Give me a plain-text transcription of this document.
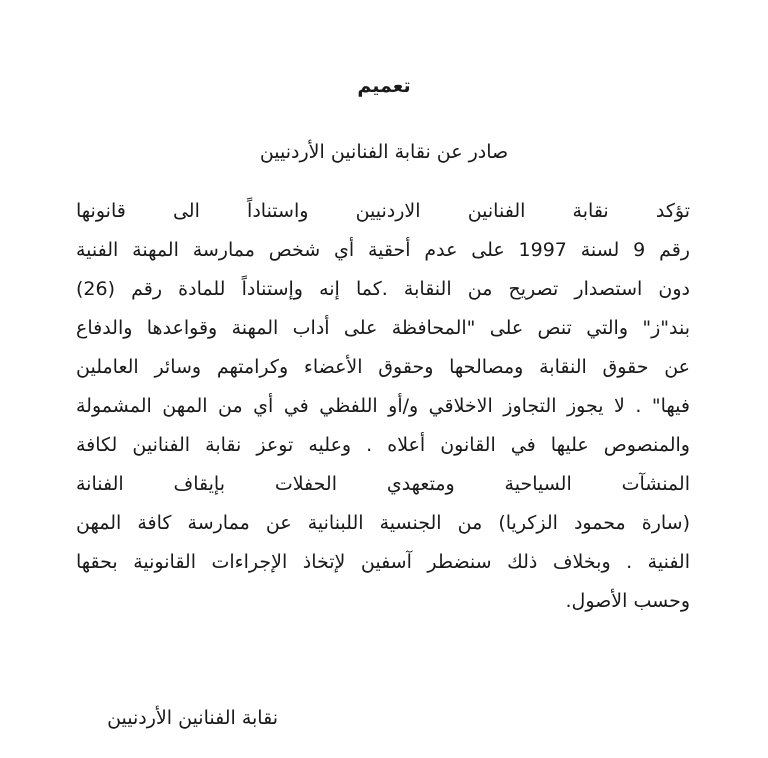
تعميم
صادر عن نقابة الفنانين الأردنيين
تؤكد نقابة الفنانين الاردنيين واستناداً الى قانونها
رقم 9 لسنة 1997 على عدم أحقية أي شخص ممارسة المهنة الفنية
دون استصدار تصريح من النقابة .كما إنه وإستناداً للمادة رقم (26)
بند"ز" والتي تنص على "المحافظة على أداب المهنة وقواعدها والدفاع
عن حقوق النقابة ومصالحها وحقوق الأعضاء وكرامتهم وسائر العاملين
فيها" . لا يجوز التجاوز الاخلاقي و/أو اللفظي في أي من المهن المشمولة
والمنصوص عليها في القانون أعلاه . وعليه توعز نقابة الفنانين لكافة
المنشآت السياحية ومتعهدي الحفلات بإيقاف الفنانة
(سارة محمود الزكريا) من الجنسية اللبنانية عن ممارسة كافة المهن
الفنية . وبخلاف ذلك سنضطر آسفين لإتخاذ الإجراءات القانونية بحقها
وحسب الأصول.
نقابة الفنانين الأردنيين
